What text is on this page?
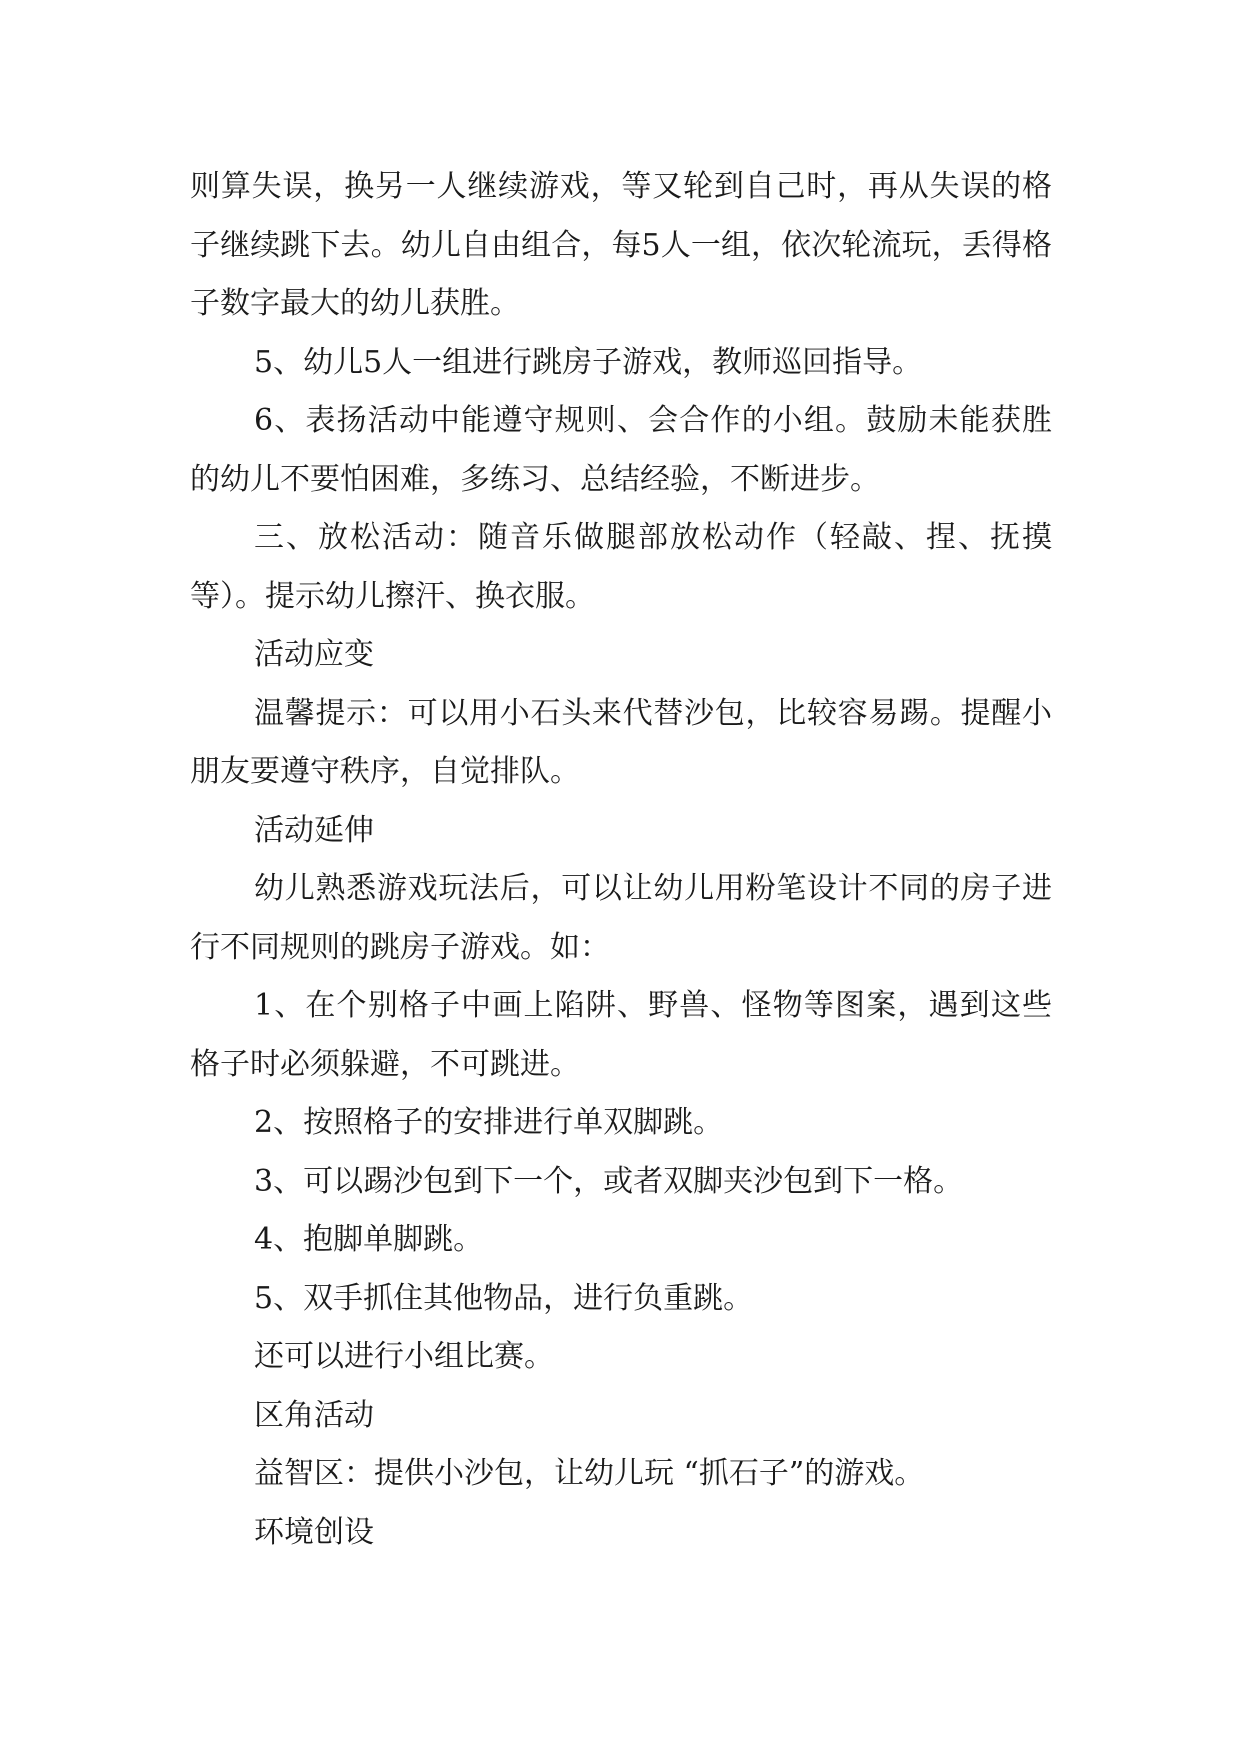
则算失误，换另一人继续游戏，等又轮到自己时，再从失误的格子继续跳下去。幼儿自由组合，每5人一组，依次轮流玩，丢得格子数字最大的幼儿获胜。

5、幼儿5人一组进行跳房子游戏，教师巡回指导。

6、表扬活动中能遵守规则、会合作的小组。鼓励未能获胜的幼儿不要怕困难，多练习、总结经验，不断进步。

三、放松活动：随音乐做腿部放松动作（轻敲、捏、抚摸等）。提示幼儿擦汗、换衣服。

活动应变

温馨提示：可以用小石头来代替沙包，比较容易踢。提醒小朋友要遵守秩序，自觉排队。

活动延伸

幼儿熟悉游戏玩法后，可以让幼儿用粉笔设计不同的房子进行不同规则的跳房子游戏。如：

1、在个别格子中画上陷阱、野兽、怪物等图案，遇到这些格子时必须躲避，不可跳进。

2、按照格子的安排进行单双脚跳。

3、可以踢沙包到下一个，或者双脚夹沙包到下一格。

4、抱脚单脚跳。

5、双手抓住其他物品，进行负重跳。

还可以进行小组比赛。

区角活动

益智区：提供小沙包，让幼儿玩 “抓石子”的游戏。

环境创设
